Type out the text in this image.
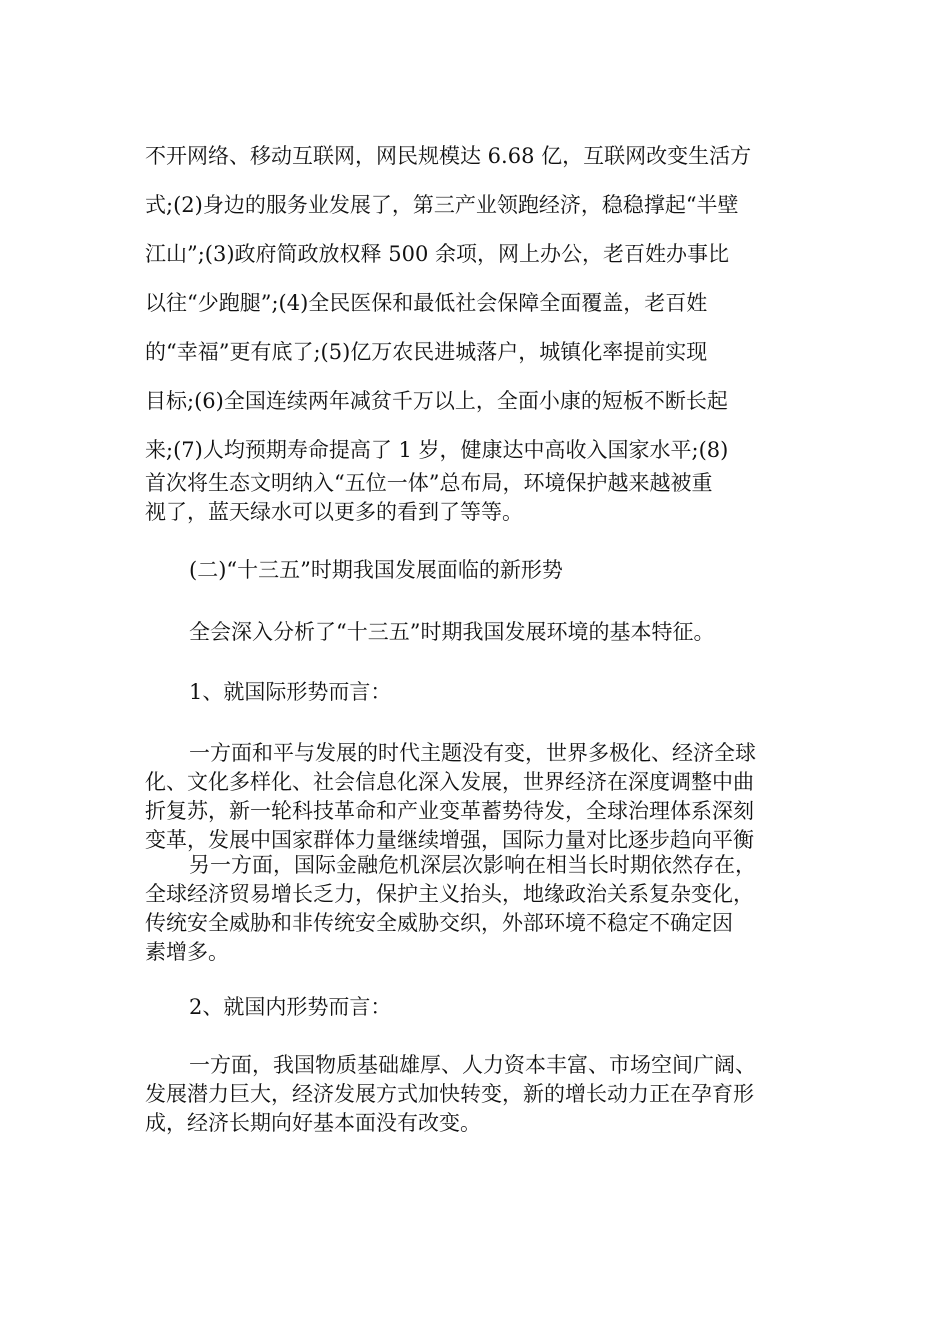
不开网络、移动互联网，网民规模达 6.68 亿，互联网改变生活方
式;(2)身边的服务业发展了，第三产业领跑经济，稳稳撑起“半壁
江山”;(3)政府简政放权释 500 余项，网上办公，老百姓办事比
以往“少跑腿”;(4)全民医保和最低社会保障全面覆盖，老百姓
的“幸福”更有底了;(5)亿万农民进城落户，城镇化率提前实现
目标;(6)全国连续两年减贫千万以上，全面小康的短板不断长起
来;(7)人均预期寿命提高了 1 岁，健康达中高收入国家水平;(8)
首次将生态文明纳入“五位一体”总布局，环境保护越来越被重
视了，蓝天绿水可以更多的看到了等等。
(二)“十三五”时期我国发展面临的新形势
全会深入分析了“十三五”时期我国发展环境的基本特征。
1、就国际形势而言：
一方面和平与发展的时代主题没有变，世界多极化、经济全球
化、文化多样化、社会信息化深入发展，世界经济在深度调整中曲
折复苏，新一轮科技革命和产业变革蓄势待发，全球治理体系深刻
变革，发展中国家群体力量继续增强，国际力量对比逐步趋向平衡
另一方面，国际金融危机深层次影响在相当长时期依然存在，
全球经济贸易增长乏力，保护主义抬头，地缘政治关系复杂变化，
传统安全威胁和非传统安全威胁交织，外部环境不稳定不确定因
素增多。
2、就国内形势而言：
一方面，我国物质基础雄厚、人力资本丰富、市场空间广阔、
发展潜力巨大，经济发展方式加快转变，新的增长动力正在孕育形
成，经济长期向好基本面没有改变。
